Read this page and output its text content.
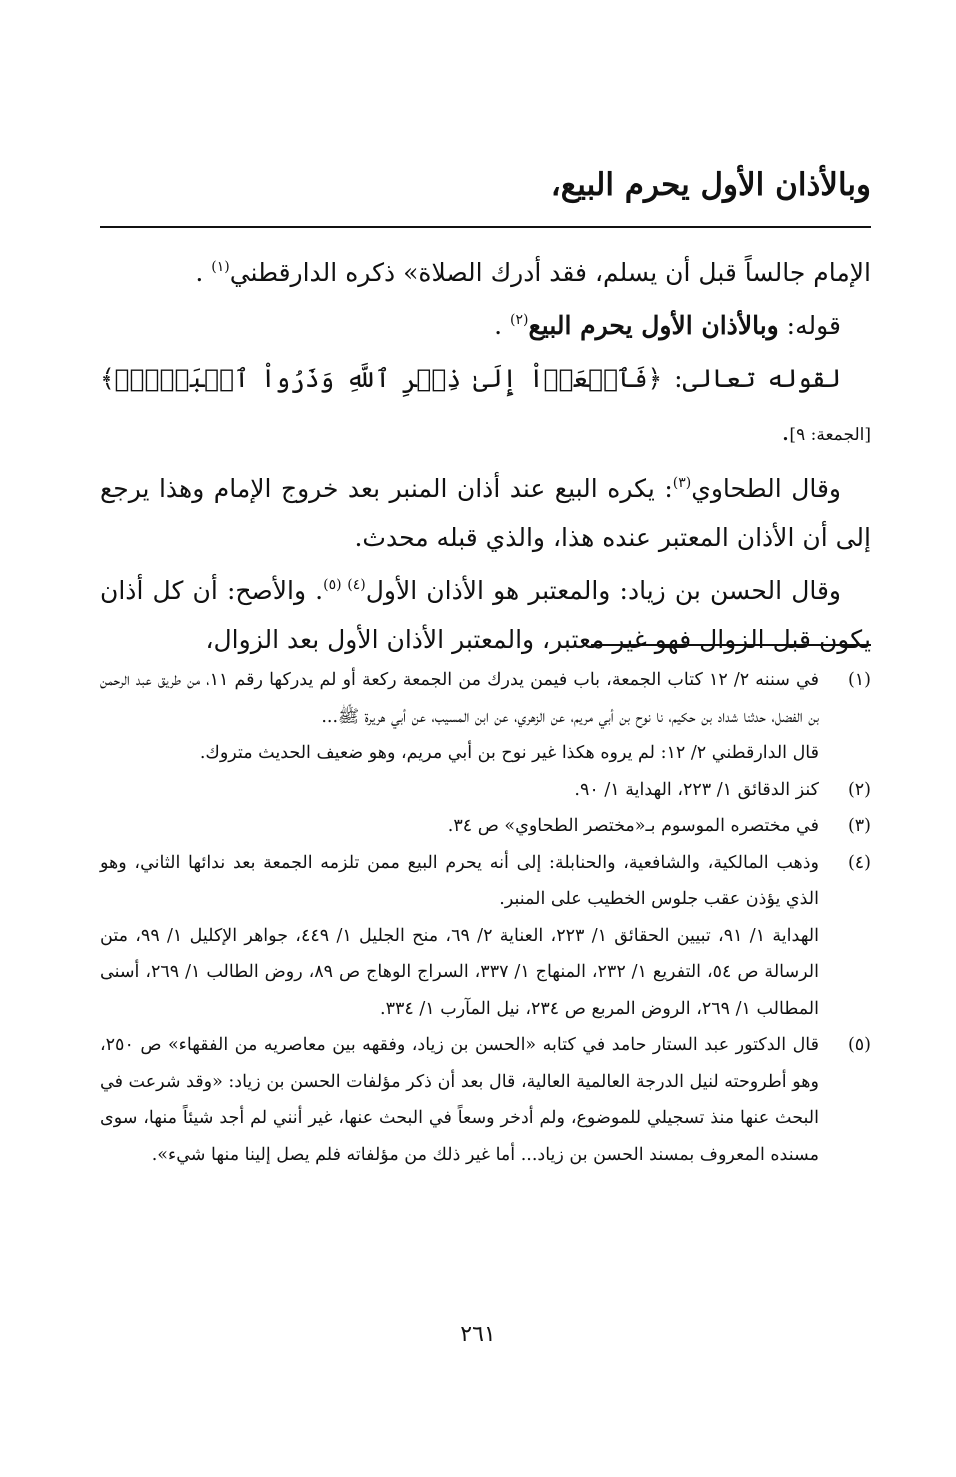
وبالأذان الأول يحرم البيع،

الإمام جالساً قبل أن يسلم، فقد أدرك الصلاة» ذكره الدارقطني$^{(١)}$ .

قوله: وبالأذان الأول يحرم البيع$^{(٢)}$ .

لقوله تعالى: ﴿فَٱسۡعَوۡاْ إِلَىٰ ذِكۡرِ ٱللَّهِ وَذَرُواْ ٱلۡبَيۡعَۚ﴾ [الجمعة: ٩].

وقال الطحاوي$^{(٣)}$: يكره البيع عند أذان المنبر بعد خروج الإمام وهذا يرجع إلى أن الأذان المعتبر عنده هذا، والذي قبله محدث.

وقال الحسن بن زياد: والمعتبر هو الأذان الأول$^{(٤)}$ $^{(٥)}$. والأصح: أن كل أذان يكون قبل الزوال فهو غير معتبر، والمعتبر الأذان الأول بعد الزوال،

(١)

في سننه ٢/ ١٢ كتاب الجمعة، باب فيمن يدرك من الجمعة ركعة أو لم يدركها رقم ١١، من طريق عبد الرحمن بن الفضل، حدثنا شداد بن حكيم، نا نوح بن أبي مريم، عن الزهري، عن ابن المسيب، عن أبي هريرة ﷺ...

قال الدارقطني ٢/ ١٢: لم يروه هكذا غير نوح بن أبي مريم، وهو ضعيف الحديث متروك.

(٢)

كنز الدقائق ١/ ٢٢٣، الهداية ١/ ٩٠.

(٣)

في مختصره الموسوم بـ«مختصر الطحاوي» ص ٣٤.

(٤)

وذهب المالكية، والشافعية، والحنابلة: إلى أنه يحرم البيع ممن تلزمه الجمعة بعد ندائها الثاني، وهو الذي يؤذن عقب جلوس الخطيب على المنبر.

الهداية ١/ ٩١، تبيين الحقائق ١/ ٢٢٣، العناية ٢/ ٦٩، منح الجليل ١/ ٤٤٩، جواهر الإكليل ١/ ٩٩، متن الرسالة ص ٥٤، التفريع ١/ ٢٣٢، المنهاج ١/ ٣٣٧، السراج الوهاج ص ٨٩، روض الطالب ١/ ٢٦٩، أسنى المطالب ١/ ٢٦٩، الروض المربع ص ٢٣٤، نيل المآرب ١/ ٣٣٤.

(٥)

قال الدكتور عبد الستار حامد في كتابه «الحسن بن زياد، وفقهه بين معاصريه من الفقهاء» ص ٢٥٠، وهو أطروحته لنيل الدرجة العالمية العالية، قال بعد أن ذكر مؤلفات الحسن بن زياد: «وقد شرعت في البحث عنها منذ تسجيلي للموضوع، ولم أدخر وسعاً في البحث عنها، غير أنني لم أجد شيئاً منها، سوى مسنده المعروف بمسند الحسن بن زياد... أما غير ذلك من مؤلفاته فلم يصل إلينا منها شيء».

٢٦١
